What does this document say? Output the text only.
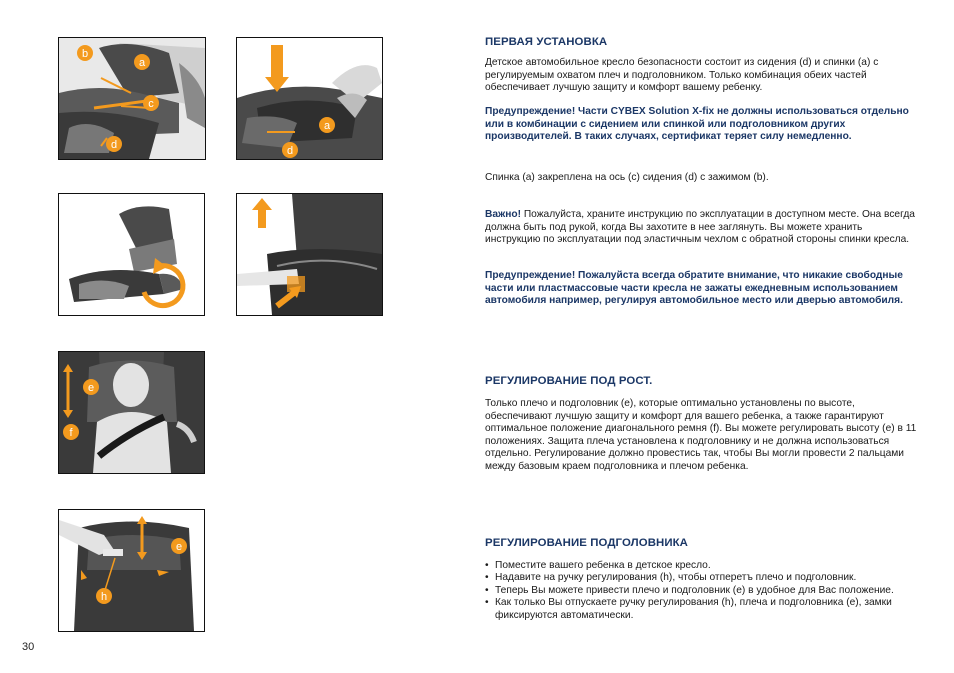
b
a
c
d
a
d
e
f
e
h
ПЕРВАЯ УСТАНОВКА

Детское автомобильное кресло безопасности состоит из сидения (d) и спинки (a) с регулируемым охватом плеч и подголовником. Только комбинация обеих частей обеспечивает лучшую защиту и комфорт вашему ребенку.

Предупреждение! Части CYBEX Solution X-fix не должны использоваться отдельно или в комбинации с сидением или спинкой или подголовником других производителей. В таких случаях, сертификат теряет силу немедленно.

Спинка (а) закреплена на ось (c) сидения (d) с зажимом (b).

Важно! Пожалуйста, храните инструкцию по эксплуатации в доступном месте. Она всегда должна быть под рукой, когда Вы захотите в нее заглянуть. Вы можете хранить инструкцию по эксплуатации под эластичным чехлом с обратной стороны спинки кресла.

Предупреждение! Пожалуйста всегда обратите внимание, что никакие свободные части или пластмассовые части кресла не зажаты ежедневным использованием автомобиля например, регулируя автомобильное место или дверью автомобиля.

РЕГУЛИРОВАНИЕ ПОД РОСТ.

Только плечо и подголовник (e), которые оптимально установлены по высоте, обеспечивают лучшую защиту и комфорт для вашего ребенка, а также гарантируют оптимальное положение диагонального ремня (f). Вы можете регулировать высоту (e) в 11 положениях. Защита плеча установлена к подголовнику и не должна использоваться отдельно. Регулирование должно провестись так, чтобы Вы могли провести 2 пальцами между базовым краем подголовника и плечом ребенка.

РЕГУЛИРОВАНИЕ ПОДГОЛОВНИКА
• Поместите вашего ребенка в детское кресло.
• Надавите на ручку регулирования (h), чтобы отперетъ плечо и подголовник.
• Теперь Вы можете привести плечо и подголовник (e) в удобное для Вас положение.
• Как только Вы отпускаете ручку регулирования (h), плеча и подголовника (e), замки фиксируются автоматически.
30
